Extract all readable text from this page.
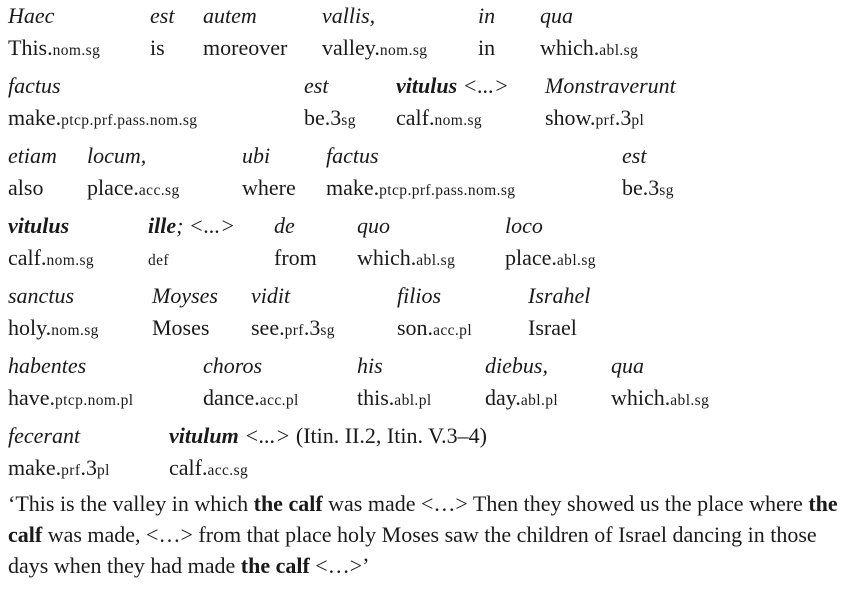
‘This is the valley in which the calf was made <…> Then they showed us the place where the calf was made, <…> from that place holy Moses saw the children of Israel dancing in those days when they had made the calf <…>’

Haec
This.nom.sg
est
is
autem
moreover
vallis,
valley.nom.sg
in
in
qua
which.abl.sg
factus
make.ptcp.prf.pass.nom.sg
est
be.3sg
vitulus <...>
calf.nom.sg
Monstraverunt
show.prf.3pl
etiam
also
locum,
place.acc.sg
ubi
where
factus
make.ptcp.prf.pass.nom.sg
est
be.3sg
vitulus
calf.nom.sg
ille; <...>
def
de
from
quo
which.abl.sg
loco
place.abl.sg
sanctus
holy.nom.sg
Moyses
Moses
vidit
see.prf.3sg
filios
son.acc.pl
Israhel
Israel
habentes
have.ptcp.nom.pl
choros
dance.acc.pl
his
this.abl.pl
diebus,
day.abl.pl
qua
which.abl.sg
fecerant
make.prf.3pl
vitulum <...> (Itin. II.2, Itin. V.3–4)
calf.acc.sg
